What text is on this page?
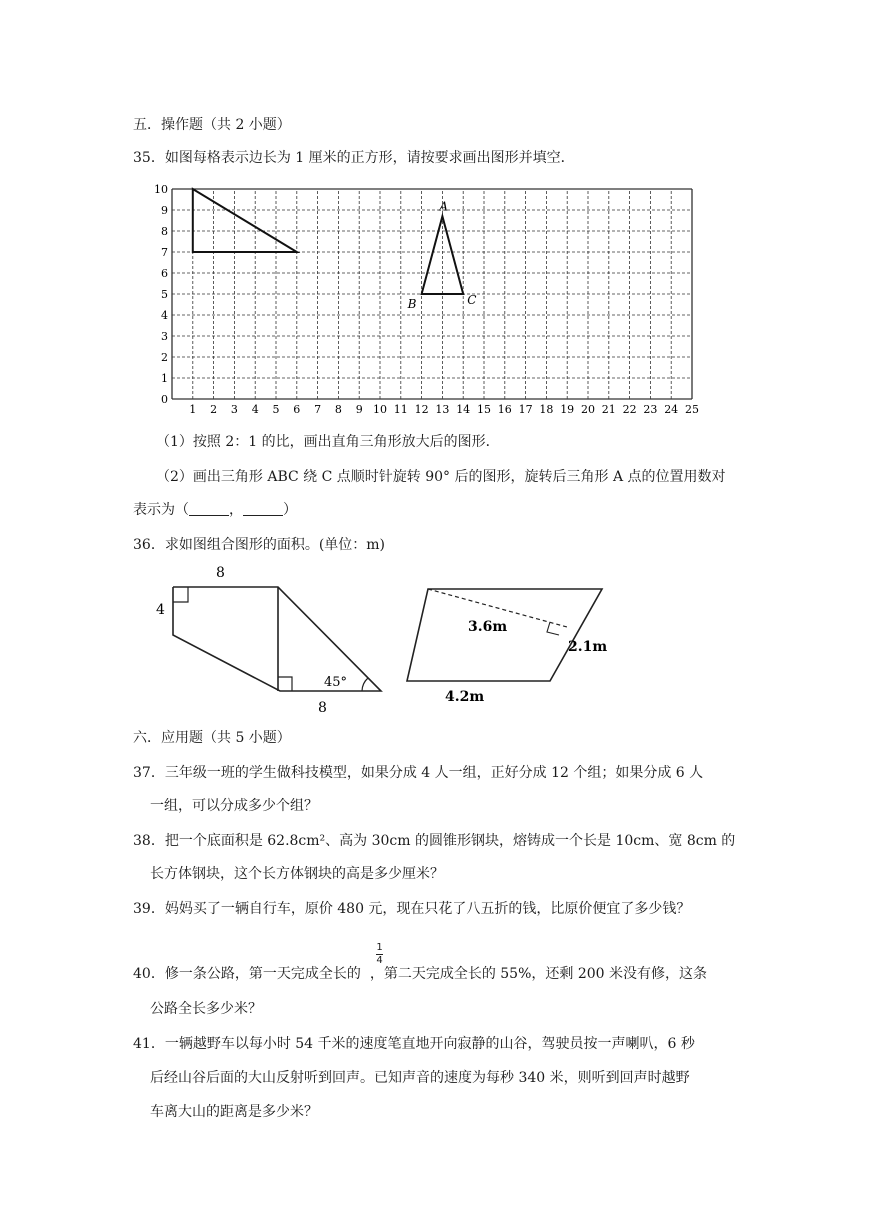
五．操作题（共 2 小题）
35．如图每格表示边长为 1 厘米的正方形，请按要求画出图形并填空．
1 2 3 4 5 6 7 8 9 10 11 12 13 14 15 16 17 18 19 20 21 22 23 24 25
0
1
2
3
4
5
6
7
8
9
10
A
B	C
（1）按照 2：1 的比，画出直角三角形放大后的图形．
（2）画出三角形 ABC 绕 C 点顺时针旋转 90° 后的图形，旋转后三角形 A 点的位置用数对
表示为（	，	）
36．求如图组合图形的面积。(单位：m)
8
4
8
45°
3.6m
2.1m
4.2m
六．应用题（共 5 小题）
37．三年级一班的学生做科技模型，如果分成 4 人一组，正好分成 12 个组；如果分成 6 人
一组，可以分成多少个组？
38．把一个底面积是 62.8cm²、高为 30cm 的圆锥形钢块，熔铸成一个长是 10cm、宽 8cm 的
长方体钢块，这个长方体钢块的高是多少厘米？
39．妈妈买了一辆自行车，原价 480 元，现在只花了八五折的钱，比原价便宜了多少钱？
40．修一条公路，第一天完成全长的 ，第二天完成全长的 55%，还剩 200 米没有修，这条
1
4
公路全长多少米？
41．一辆越野车以每小时 54 千米的速度笔直地开向寂静的山谷，驾驶员按一声喇叭，6 秒
后经山谷后面的大山反射听到回声。已知声音的速度为每秒 340 米，则听到回声时越野
车离大山的距离是多少米？
